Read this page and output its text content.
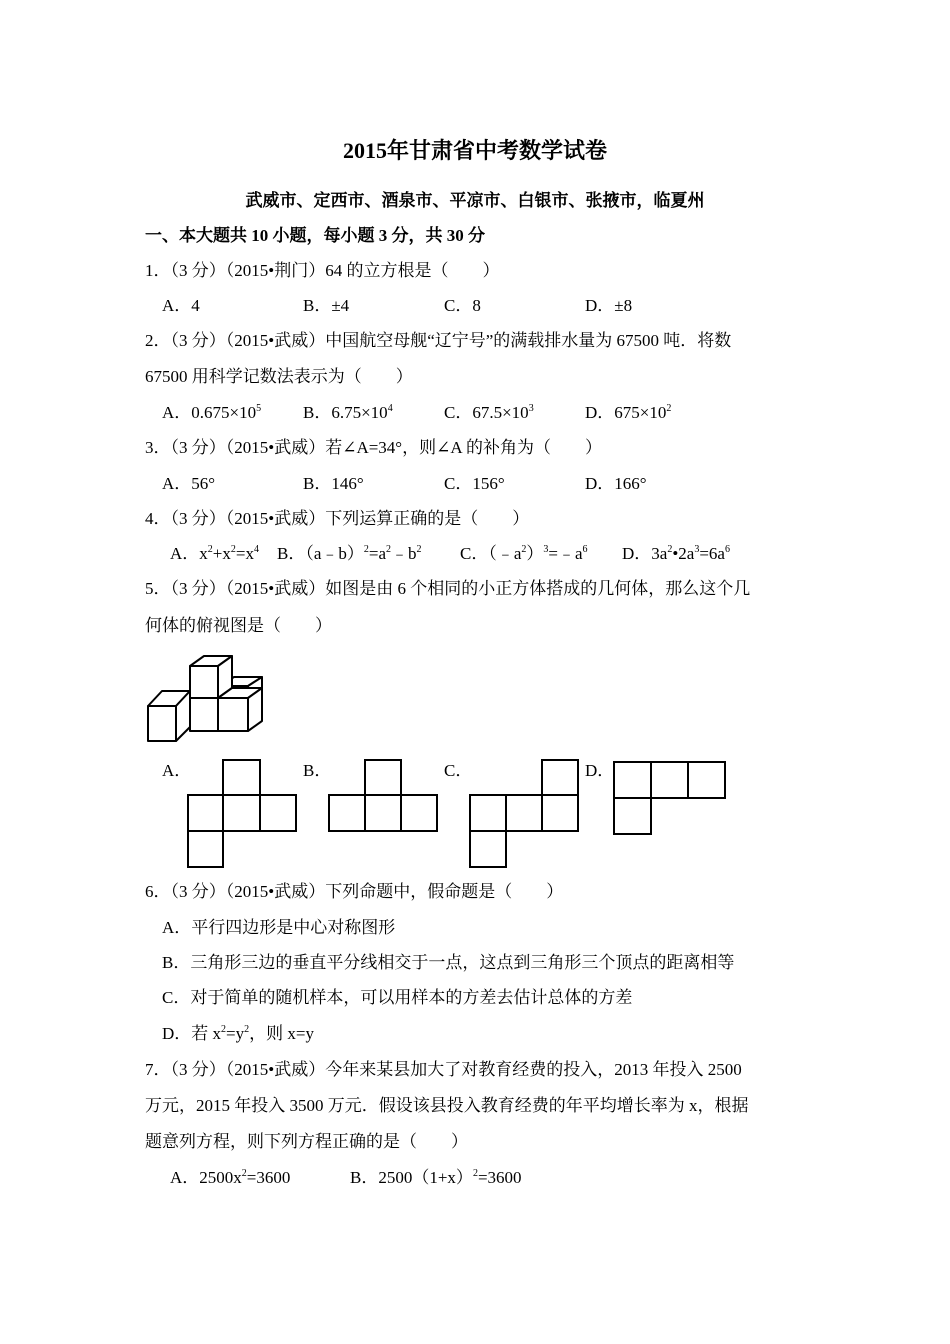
2015年甘肃省中考数学试卷
武威市、定西市、酒泉市、平凉市、白银市、张掖市，临夏州
一、本大题共 10 小题，每小题 3 分，共 30 分
1．（3 分）（2015•荆门）64 的立方根是（　　）
A．4	B．±4	C．8	D．±8
2．（3 分）（2015•武威）中国航空母舰“辽宁号”的满载排水量为 67500 吨．将数
67500 用科学记数法表示为（　　）
A．$0.675\times 10^5$ B．$6.75\times 10^4$	C．$67.5\times 10^3$	D．$675\times 10^2$
3．（3 分）（2015•武威）若∠A=34°，则∠A 的补角为（　　）
A．56°	B．146°	C．156°	D．166°
4．（3 分）（2015•武威）下列运算正确的是（　　）
A．$x^2+x^2=x^4$ B．$(a﹣b)^2=a^2﹣b^2$ C．$(﹣a^2)^3=﹣a^6$ D．$3a^2•2a^3=6a^6$
5．（3 分）（2015•武威）如图是由 6 个相同的小正方体搭成的几何体，那么这个几
何体的俯视图是（　　）
A．	B．	C．	D．
6．（3 分）（2015•武威）下列命题中，假命题是（　　）
A．平行四边形是中心对称图形
B．三角形三边的垂直平分线相交于一点，这点到三角形三个顶点的距离相等
C．对于简单的随机样本，可以用样本的方差去估计总体的方差
D．若 $x^2=y^2$，则 x=y
7．（3 分）（2015•武威）今年来某县加大了对教育经费的投入，2013 年投入 2500
万元，2015 年投入 3500 万元．假设该县投入教育经费的年平均增长率为 x，根据
题意列方程，则下列方程正确的是（　　）
A．$2500x^2=3600$	B．$2500(1+x)^2=3600$
